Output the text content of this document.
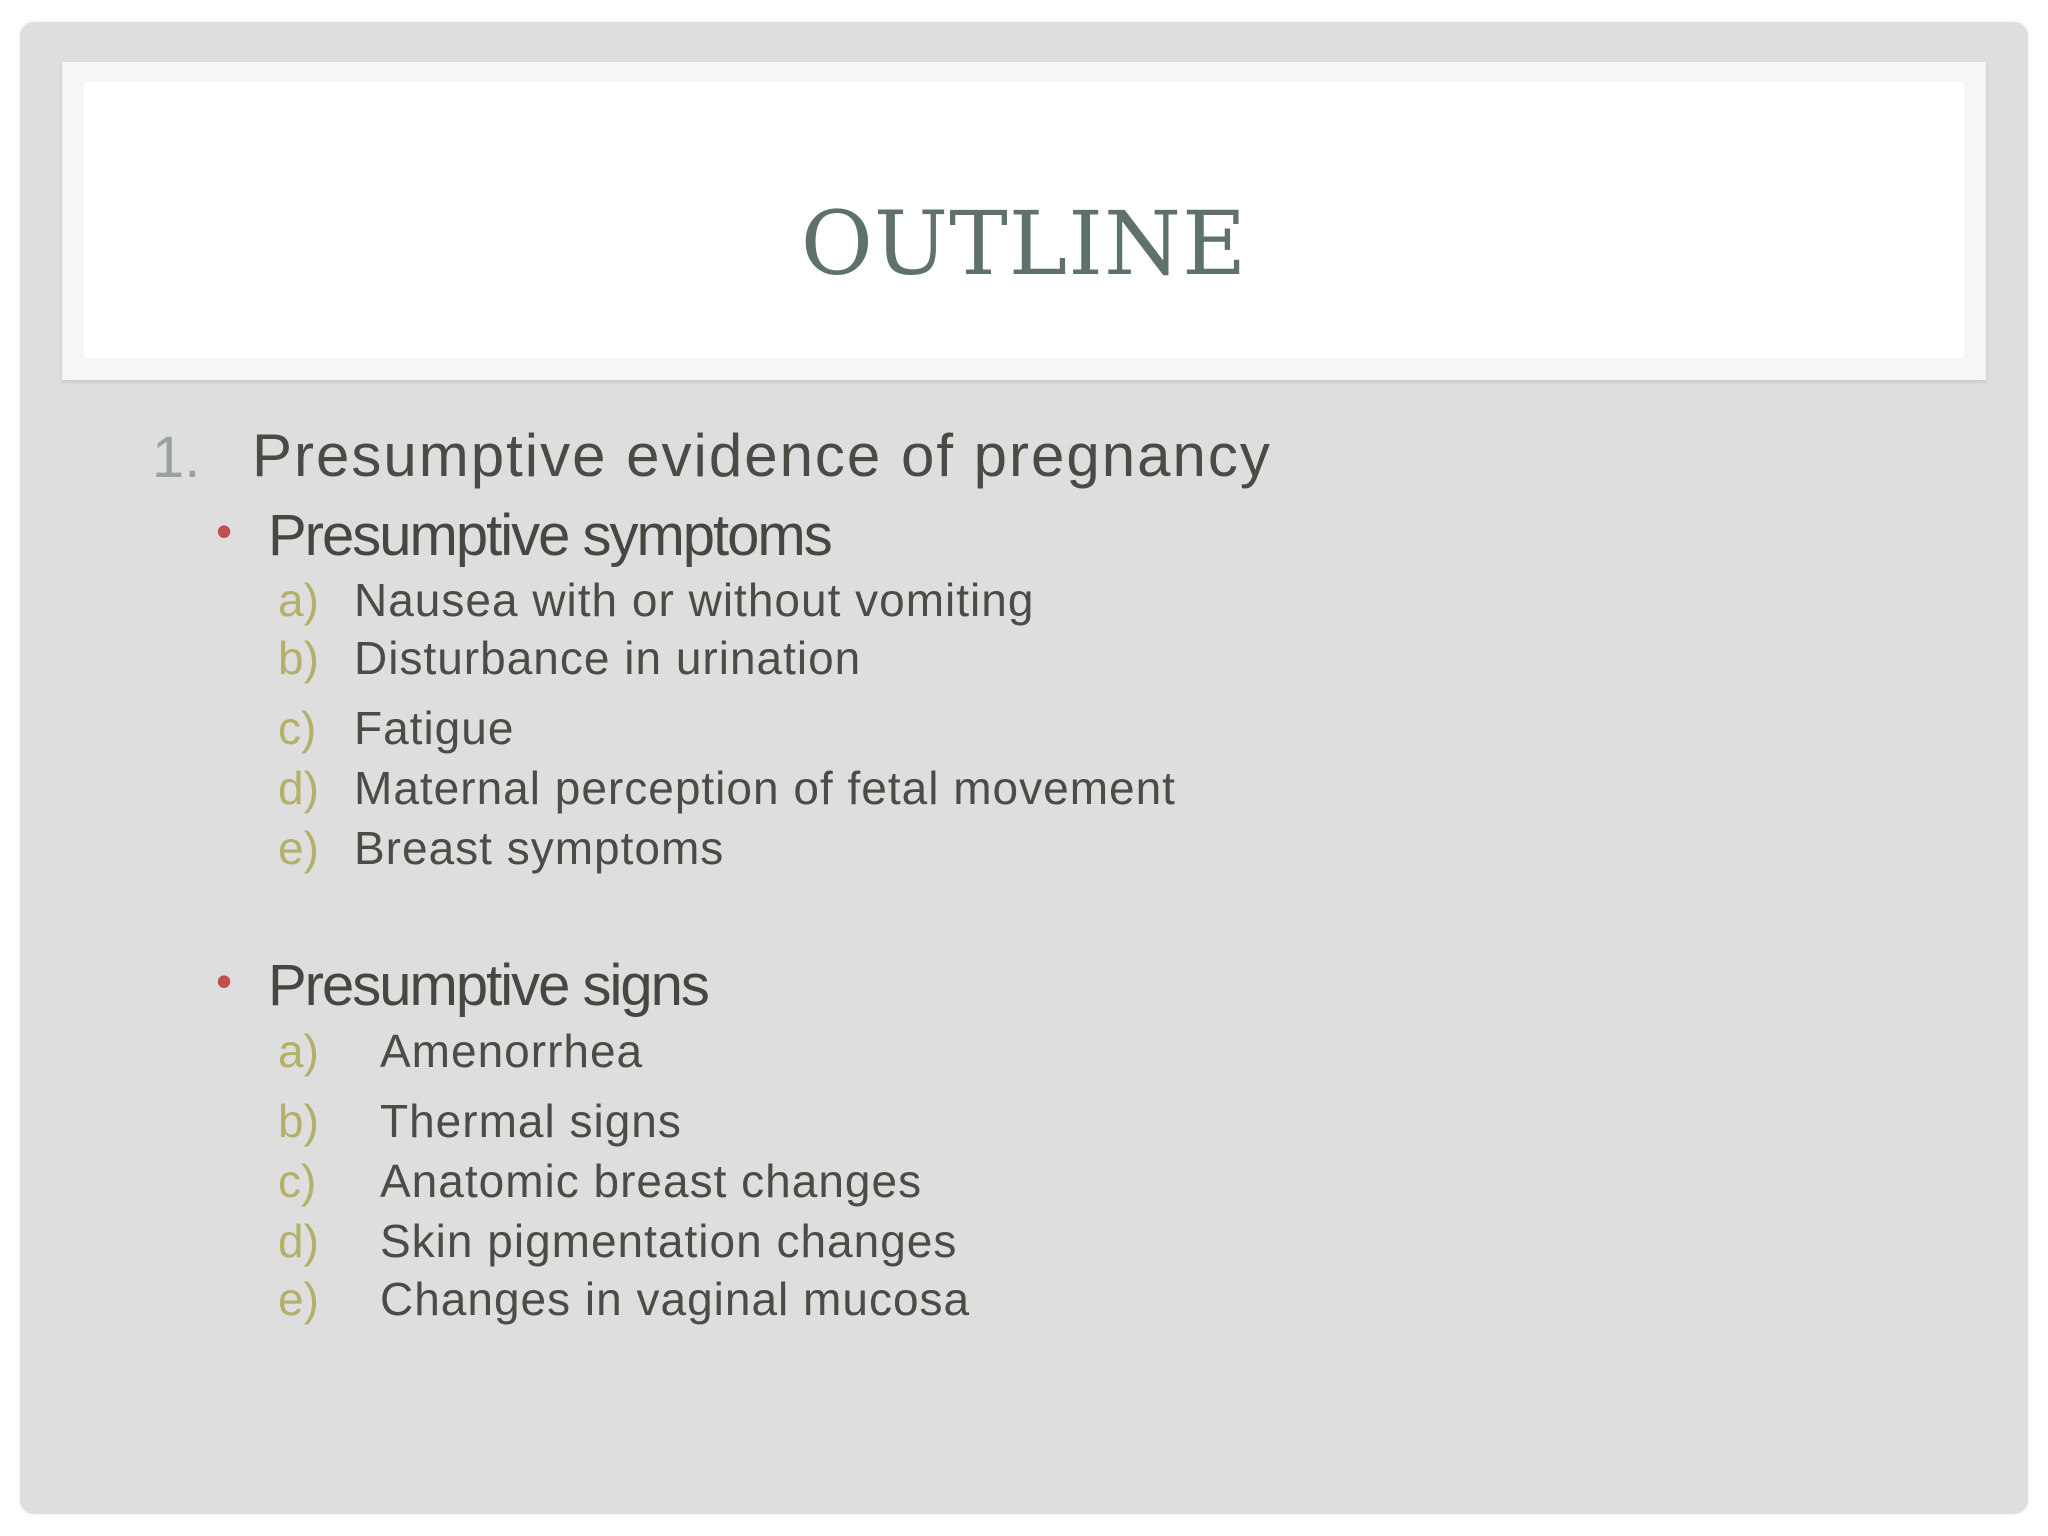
OUTLINE
1. Presumptive evidence of pregnancy
• Presumptive symptoms
a) Nausea with or without vomiting
b) Disturbance in urination
c) Fatigue
d) Maternal perception of fetal movement
e) Breast symptoms
• Presumptive signs
a) Amenorrhea
b) Thermal signs
c) Anatomic breast changes
d) Skin pigmentation changes
e) Changes in vaginal mucosa
